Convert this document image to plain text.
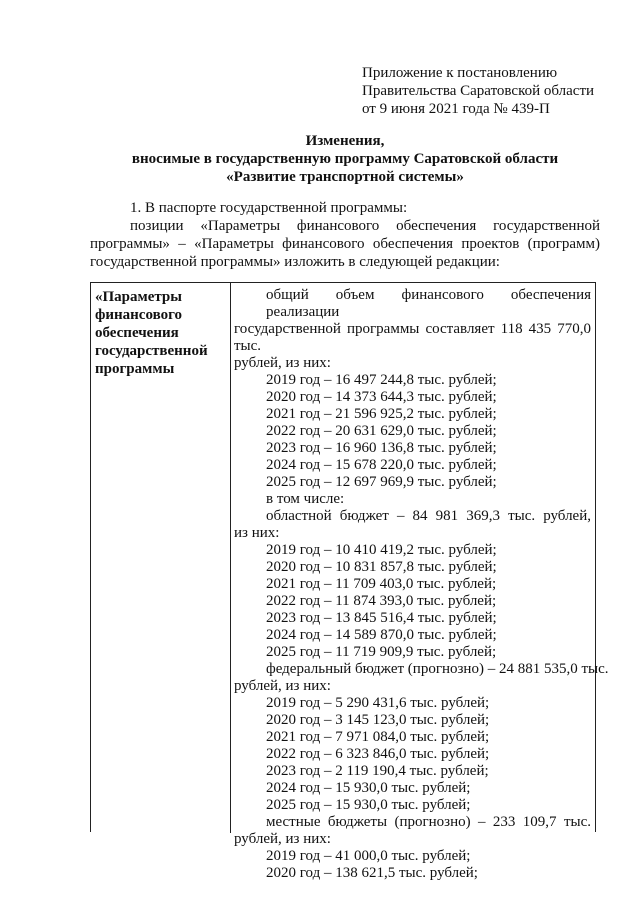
Приложение к постановлению
Правительства Саратовской области
от 9 июня 2021 года № 439-П
Изменения,
вносимые в государственную программу Саратовской области
«Развитие транспортной системы»
1. В паспорте государственной программы:
позиции «Параметры финансового обеспечения государственной
программы» – «Параметры финансового обеспечения проектов (программ)
государственной программы» изложить в следующей редакции:
«Параметры
финансового
обеспечения
государственной
программы
общий объем финансового обеспечения реализации
государственной программы составляет 118 435 770,0 тыс.
рублей, из них:
2019 год – 16 497 244,8 тыс. рублей;
2020 год – 14 373 644,3 тыс. рублей;
2021 год – 21 596 925,2 тыс. рублей;
2022 год – 20 631 629,0 тыс. рублей;
2023 год – 16 960 136,8 тыс. рублей;
2024 год – 15 678 220,0 тыс. рублей;
2025 год – 12 697 969,9 тыс. рублей;
в том числе:
областной бюджет – 84 981 369,3 тыс. рублей,
из них:
2019 год – 10 410 419,2 тыс. рублей;
2020 год – 10 831 857,8 тыс. рублей;
2021 год – 11 709 403,0 тыс. рублей;
2022 год – 11 874 393,0 тыс. рублей;
2023 год – 13 845 516,4 тыс. рублей;
2024 год – 14 589 870,0 тыс. рублей;
2025 год – 11 719 909,9 тыс. рублей;
федеральный бюджет (прогнозно) – 24 881 535,0 тыс.
рублей, из них:
2019 год – 5 290 431,6 тыс. рублей;
2020 год – 3 145 123,0 тыс. рублей;
2021 год – 7 971 084,0 тыс. рублей;
2022 год – 6 323 846,0 тыс. рублей;
2023 год – 2 119 190,4 тыс. рублей;
2024 год – 15 930,0 тыс. рублей;
2025 год – 15 930,0 тыс. рублей;
местные бюджеты (прогнозно) – 233 109,7 тыс.
рублей, из них:
2019 год – 41 000,0 тыс. рублей;
2020 год – 138 621,5 тыс. рублей;
